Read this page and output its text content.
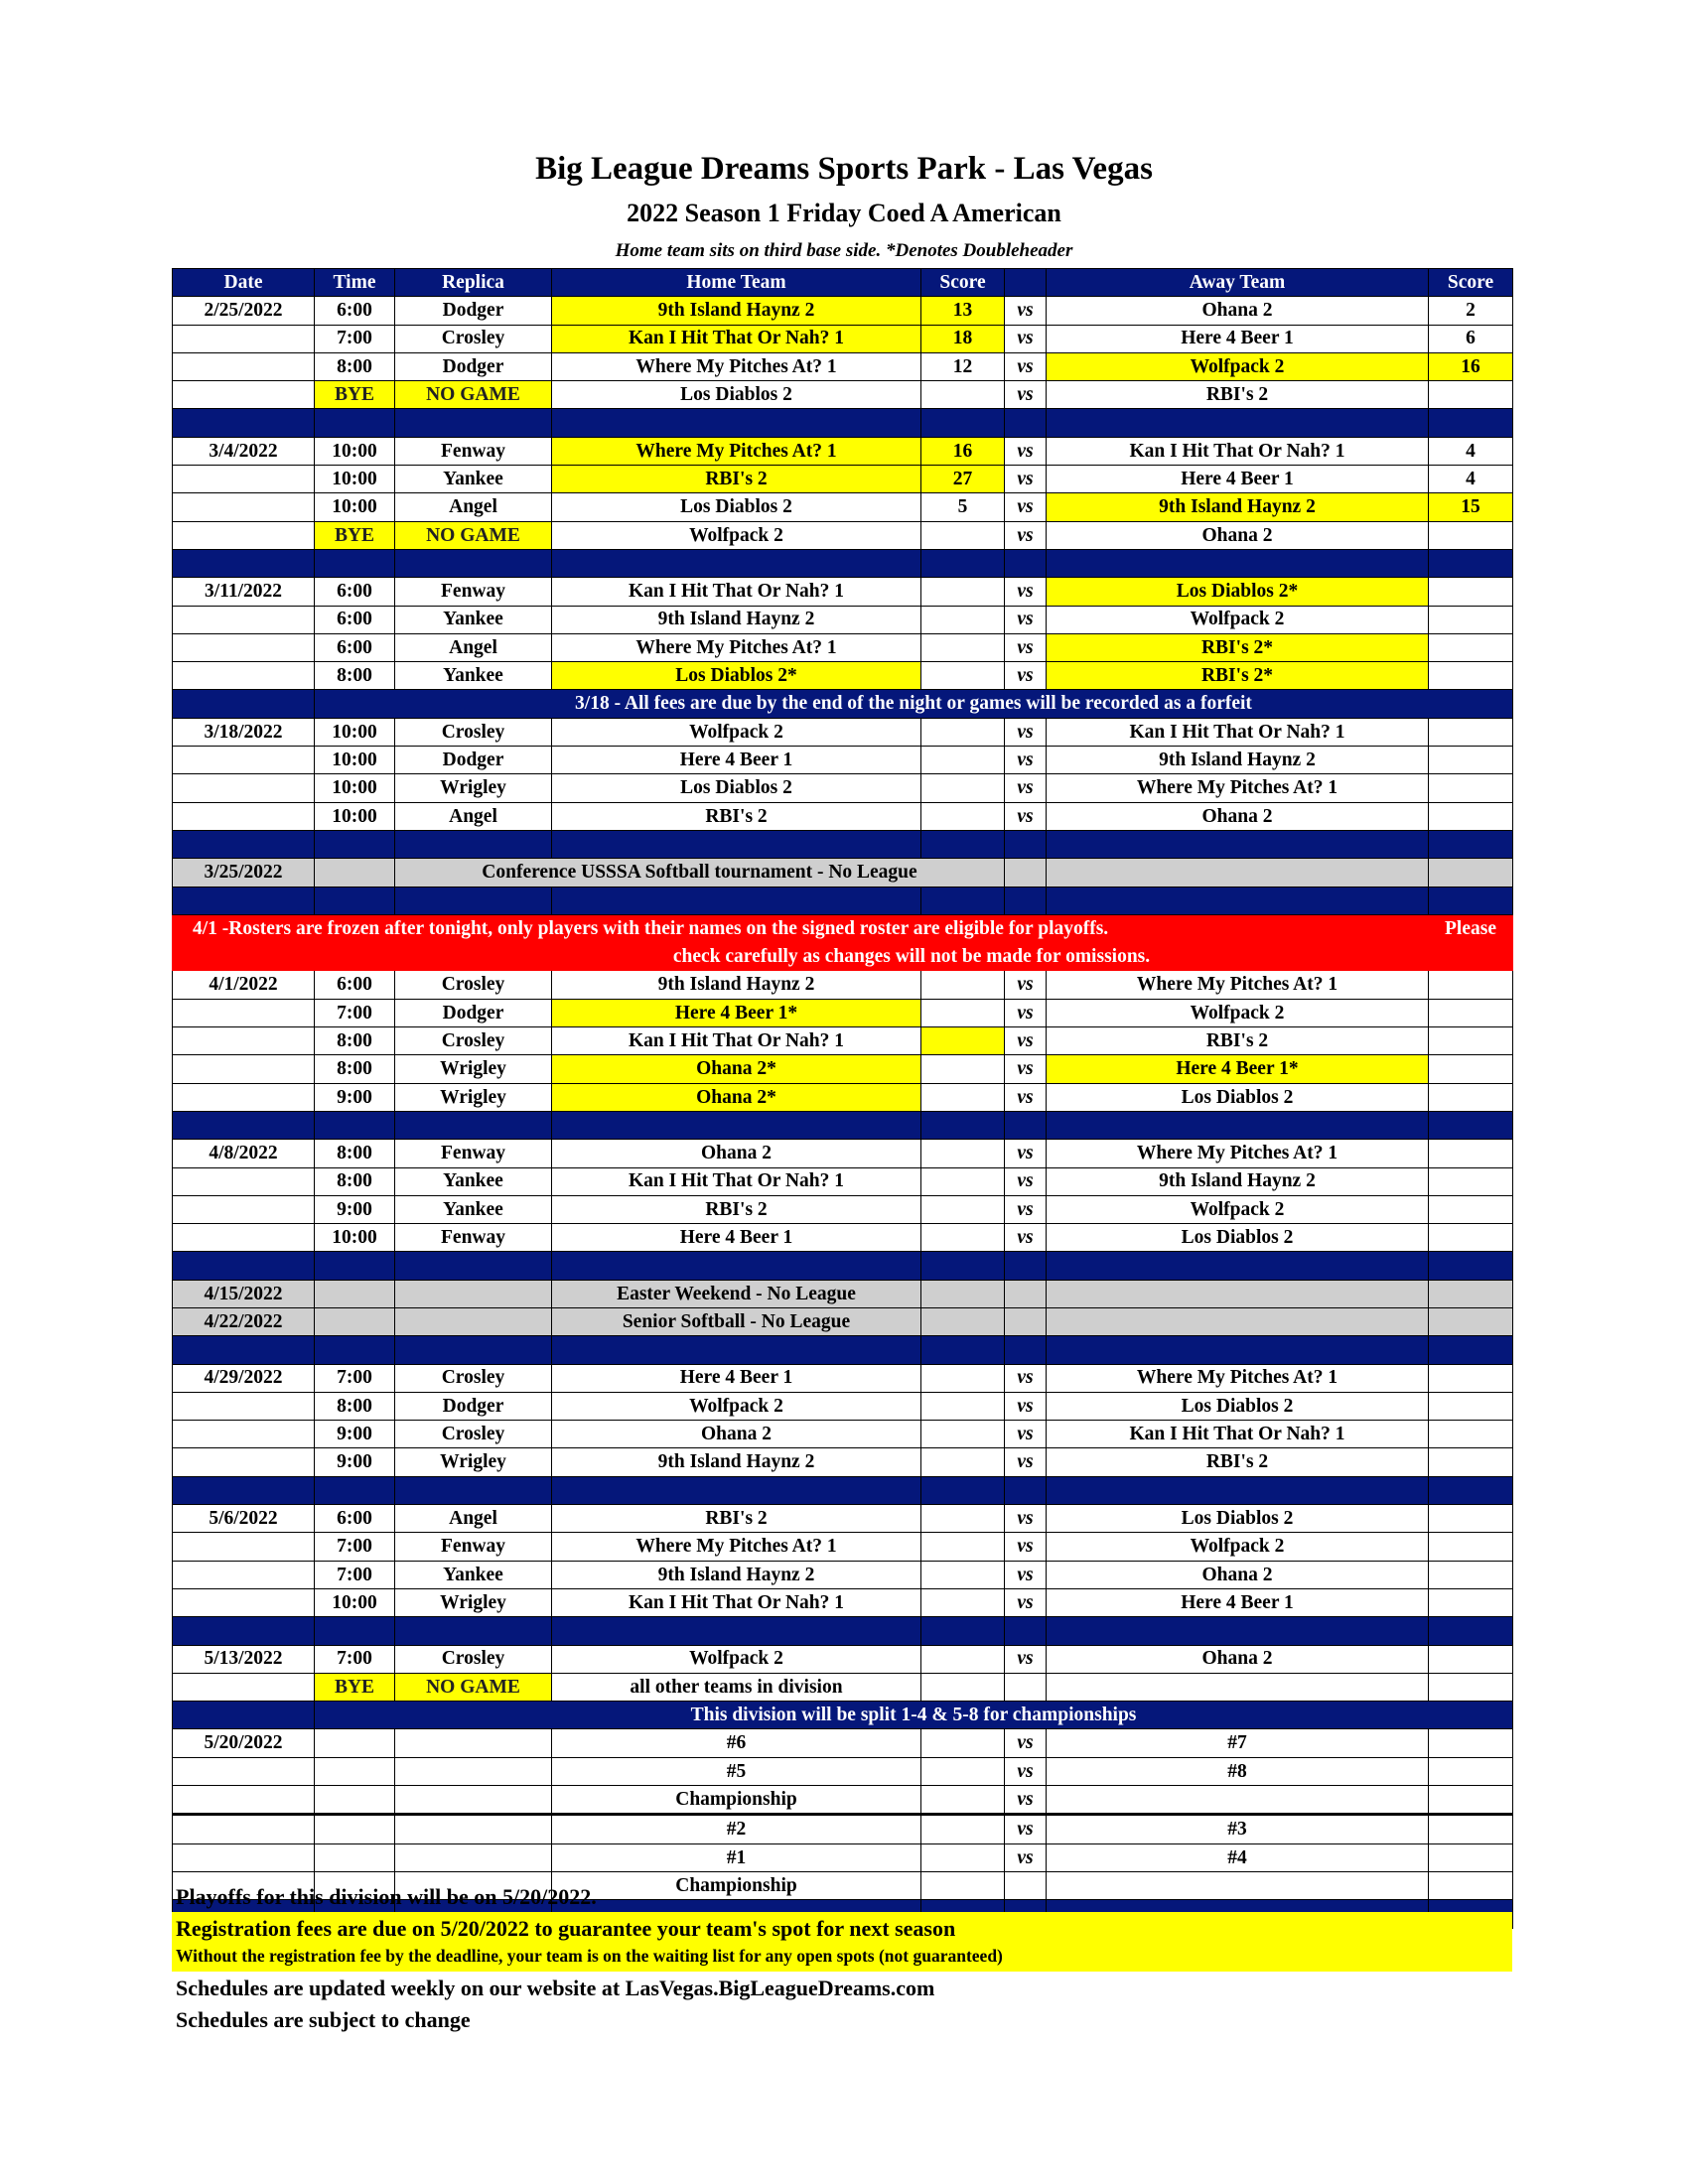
Big League Dreams Sports Park - Las Vegas
2022 Season 1 Friday Coed A American
Home team sits on third base side. *Denotes Doubleheader
Date	Time	Replica	Home Team	Score		Away Team	Score
2/25/2022	6:00	Dodger	9th Island Haynz 2	13	vs	Ohana 2	2
	7:00	Crosley	Kan I Hit That Or Nah? 1	18	vs	Here 4 Beer 1	6
	8:00	Dodger	Where My Pitches At? 1	12	vs	Wolfpack 2	16
	BYE	NO GAME	Los Diablos 2		vs	RBI's 2	

3/4/2022	10:00	Fenway	Where My Pitches At? 1	16	vs	Kan I Hit That Or Nah? 1	4
	10:00	Yankee	RBI's 2	27	vs	Here 4 Beer 1	4
	10:00	Angel	Los Diablos 2	5	vs	9th Island Haynz 2	15
	BYE	NO GAME	Wolfpack 2		vs	Ohana 2	

3/11/2022	6:00	Fenway	Kan I Hit That Or Nah? 1		vs	Los Diablos 2*	
	6:00	Yankee	9th Island Haynz 2		vs	Wolfpack 2	
	6:00	Angel	Where My Pitches At? 1		vs	RBI's 2*	
	8:00	Yankee	Los Diablos 2*		vs	RBI's 2*	
	3/18 - All fees are due by the end of the night or games will be recorded as a forfeit						
3/18/2022	10:00	Crosley	Wolfpack 2		vs	Kan I Hit That Or Nah? 1	
	10:00	Dodger	Here 4 Beer 1		vs	9th Island Haynz 2	
	10:00	Wrigley	Los Diablos 2		vs	Where My Pitches At? 1	
	10:00	Angel	RBI's 2		vs	Ohana 2	

3/25/2022		Conference USSSA Softball tournament - No League					

4/1 -Rosters are frozen after tonight, only players with their names on the signed roster are eligible for playoffs.							Please
		check carefully as changes will not be made for omissions.					
4/1/2022	6:00	Crosley	9th Island Haynz 2		vs	Where My Pitches At? 1	
	7:00	Dodger	Here 4 Beer 1*		vs	Wolfpack 2	
	8:00	Crosley	Kan I Hit That Or Nah? 1		vs	RBI's 2	
	8:00	Wrigley	Ohana 2*		vs	Here 4 Beer 1*	
	9:00	Wrigley	Ohana 2*		vs	Los Diablos 2	

4/8/2022	8:00	Fenway	Ohana 2		vs	Where My Pitches At? 1	
	8:00	Yankee	Kan I Hit That Or Nah? 1		vs	9th Island Haynz 2	
	9:00	Yankee	RBI's 2		vs	Wolfpack 2	
	10:00	Fenway	Here 4 Beer 1		vs	Los Diablos 2	

4/15/2022			Easter Weekend - No League				
4/22/2022			Senior Softball - No League				

4/29/2022	7:00	Crosley	Here 4 Beer 1		vs	Where My Pitches At? 1	
	8:00	Dodger	Wolfpack 2		vs	Los Diablos 2	
	9:00	Crosley	Ohana 2		vs	Kan I Hit That Or Nah? 1	
	9:00	Wrigley	9th Island Haynz 2		vs	RBI's 2	

5/6/2022	6:00	Angel	RBI's 2		vs	Los Diablos 2	
	7:00	Fenway	Where My Pitches At? 1		vs	Wolfpack 2	
	7:00	Yankee	9th Island Haynz 2		vs	Ohana 2	
	10:00	Wrigley	Kan I Hit That Or Nah? 1		vs	Here 4 Beer 1	

5/13/2022	7:00	Crosley	Wolfpack 2		vs	Ohana 2	
	BYE	NO GAME	all other teams in division				
	This division will be split 1-4 & 5-8 for championships						
5/20/2022			#6		vs	#7	
			#5		vs	#8	
			Championship		vs		
			#2		vs	#3	
			#1		vs	#4	
			Championship				

Playoffs for this division will be on 5/20/2022.
Registration fees are due on 5/20/2022 to guarantee your team's spot for next season
Without the registration fee by the deadline, your team is on the waiting list for any open spots (not guaranteed)
Schedules are updated weekly on our website at LasVegas.BigLeagueDreams.com
Schedules are subject to change
